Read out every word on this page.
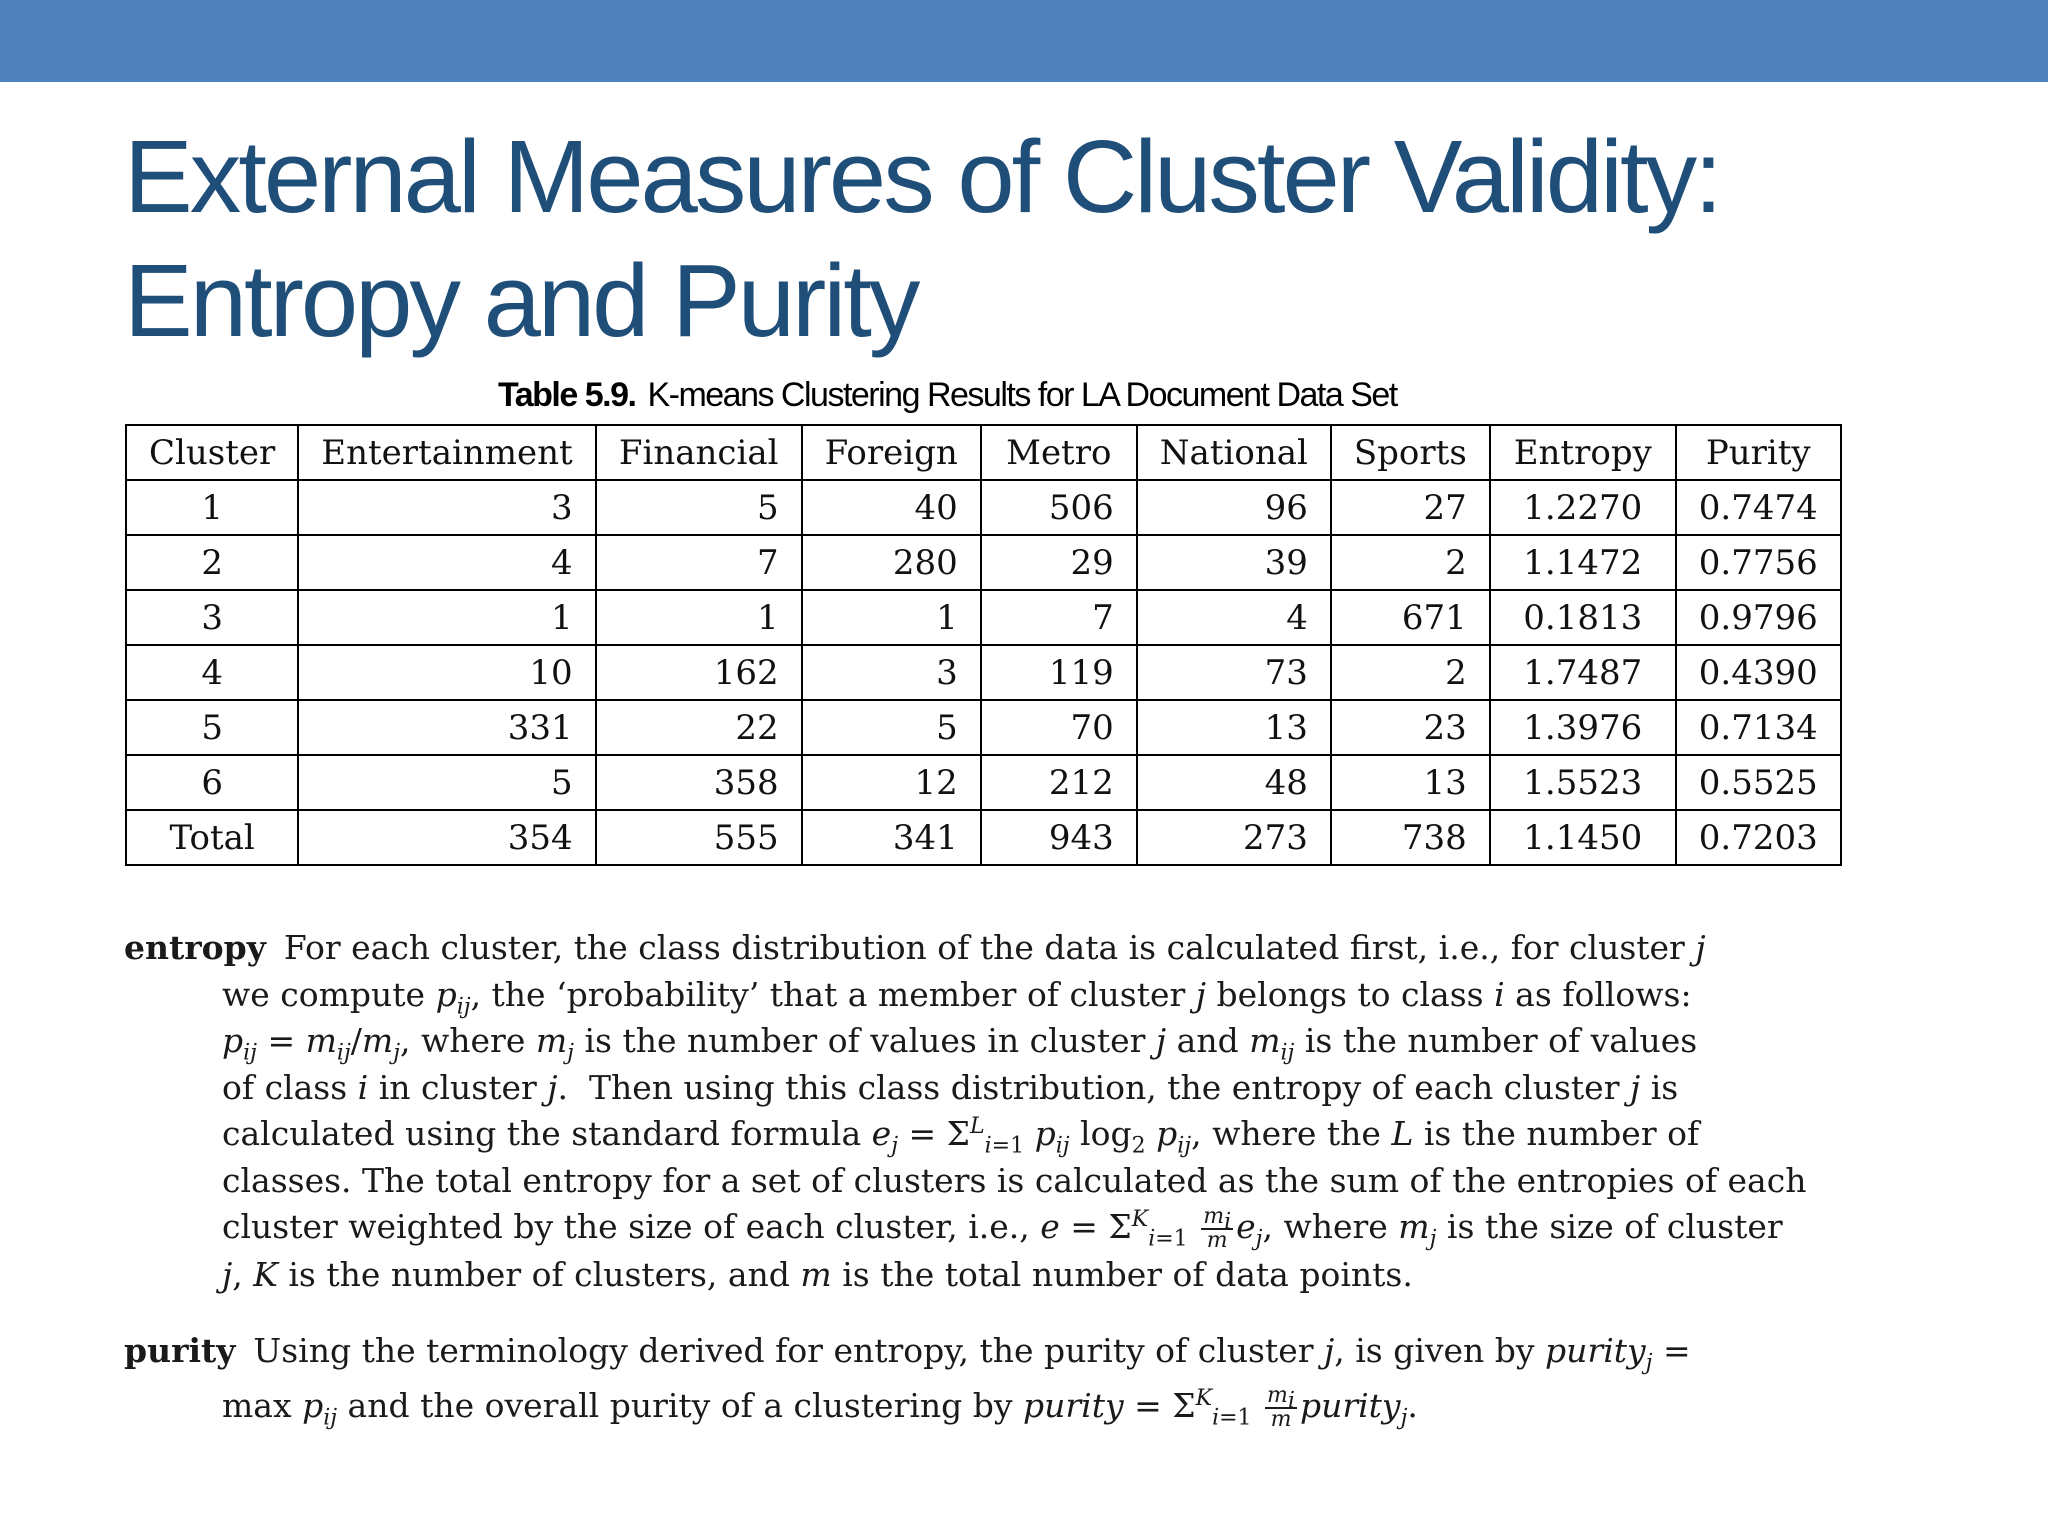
External Measures of Cluster Validity:
Entropy and Purity
Table 5.9. K-means Clustering Results for LA Document Data Set
Cluster	Entertainment	Financial	Foreign	Metro	National	Sports	Entropy	Purity
1	3	5	40	506	96	27	1.2270	0.7474
2	4	7	280	29	39	2	1.1472	0.7756
3	1	1	1	7	4	671	0.1813	0.9796
4	10	162	3	119	73	2	1.7487	0.4390
5	331	22	5	70	13	23	1.3976	0.7134
6	5	358	12	212	48	13	1.5523	0.5525
Total	354	555	341	943	273	738	1.1450	0.7203
entropy For each cluster, the class distribution of the data is calculated first, i.e., for cluster j
we compute $p_{ij}$, the ‘probability’ that a member of cluster j belongs to class i as follows:
$p_{ij} = m_{ij}/m_j$, where $m_j$ is the number of values in cluster j and $m_{ij}$ is the number of values
of class i in cluster j.  Then using this class distribution, the entropy of each cluster j is
calculated using the standard formula $e_j = \Sigma^L_{i=1}$ $p_{ij}$ $\log_2 p_{ij}$, where the L is the number of
classes. The total entropy for a set of clusters is calculated as the sum of the entropies of each
cluster weighted by the size of each cluster, i.e., $e = \Sigma^K_{i=1} \frac{m_i}{m} e_j$, where $m_j$ is the size of cluster
j, K is the number of clusters, and m is the total number of data points.
purity Using the terminology derived for entropy, the purity of cluster j, is given by purity$_j$ =
$\max p_{ij}$ and the overall purity of a clustering by purity = $\Sigma^K_{i=1} \frac{m_i}{m}$ purity$_j$.
